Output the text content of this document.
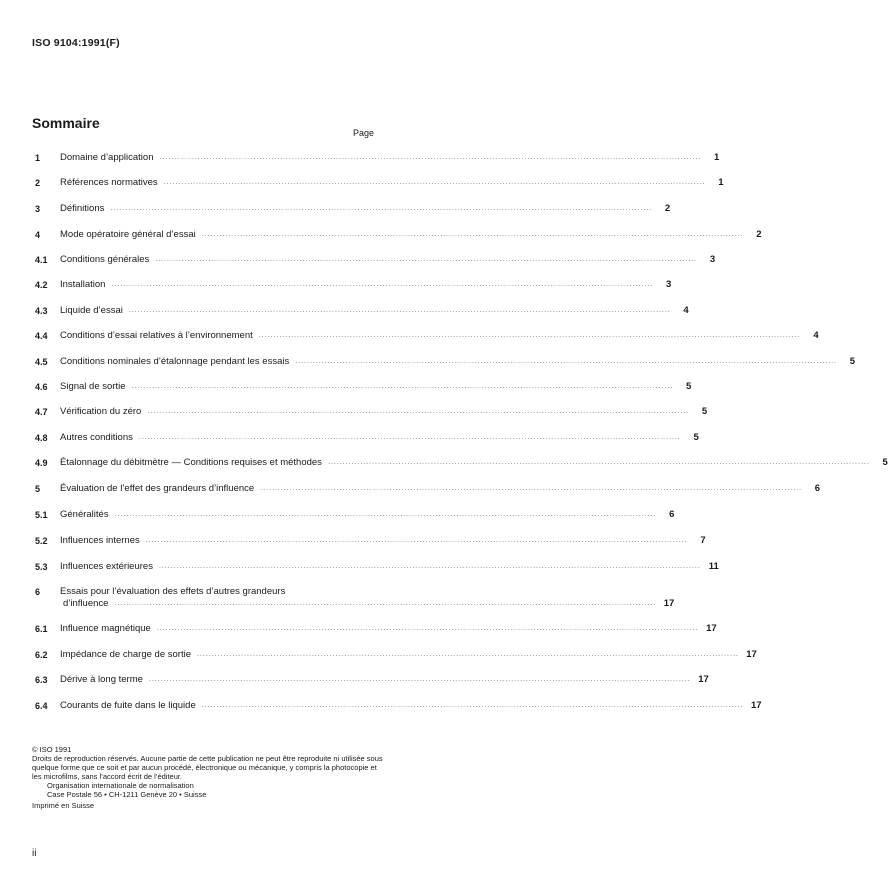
ISO 9104:1991(F)
Sommaire
Page
1	Domaine d’application .....	1
2	Références normatives .....	1
3	Définitions .....	2
4	Mode opératoire général d’essai .....	2
4.1	Conditions générales .....	3
4.2	Installation .....	3
4.3	Liquide d’essai .....	4
4.4	Conditions d’essai relatives à l’environnement .....	4
4.5	Conditions nominales d’étalonnage pendant les essais .....	5
4.6	Signal de sortie .....	5
4.7	Vérification du zéro .....	5
4.8	Autres conditions .....	5
4.9	Étalonnage du débitmètre — Conditions requises et méthodes .....	5
5	Évaluation de l’effet des grandeurs d’influence .....	6
5.1	Généralités .....	6
5.2	Influences internes .....	7
5.3	Influences extérieures .....	11
6	Essais pour l’évaluation des effets d’autres grandeurs
d’influence .....	17
6.1	Influence magnétique .....	17
6.2	Impédance de charge de sortie .....	17
6.3	Dérive à long terme .....	17
6.4	Courants de fuite dans le liquide .....	17
© ISO 1991
Droits de reproduction réservés. Aucune partie de cette publication ne peut être reproduite ni utilisée sous quelque forme que ce soit et par aucun procédé, électronique ou mécanique, y compris la photocopie et les microfilms, sans l’accord écrit de l’éditeur.
Organisation internationale de normalisation
Case Postale 56 • CH-1211 Genève 20 • Suisse
Imprimé en Suisse
ii
